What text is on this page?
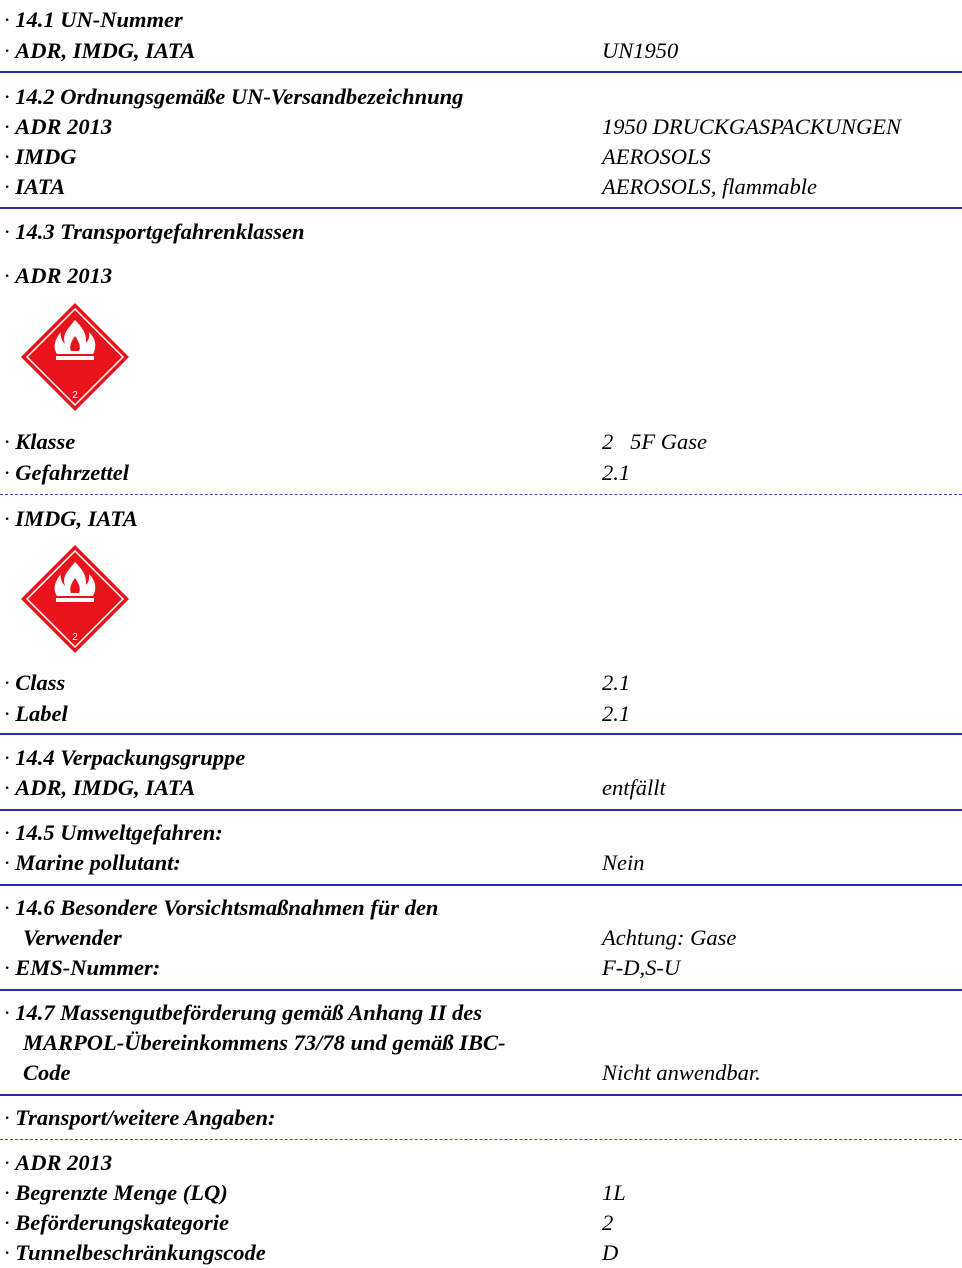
· 14.1 UN-Nummer
· ADR, IMDG, IATA	UN1950
· 14.2 Ordnungsgemäße UN-Versandbezeichnung
· ADR 2013	1950 DRUCKGASPACKUNGEN
· IMDG	AEROSOLS
· IATA	AEROSOLS, flammable
· 14.3 Transportgefahrenklassen
· ADR 2013
2
· Klasse	2   5F Gase
· Gefahrzettel	2.1
· IMDG, IATA
2
· Class	2.1
· Label	2.1
· 14.4 Verpackungsgruppe
· ADR, IMDG, IATA	entfällt
· 14.5 Umweltgefahren:
· Marine pollutant:	Nein
· 14.6 Besondere Vorsichtsmaßnahmen für den
Verwender	Achtung: Gase
· EMS-Nummer:	F-D,S-U
· 14.7 Massengutbeförderung gemäß Anhang II des
MARPOL-Übereinkommens 73/78 und gemäß IBC-
Code	Nicht anwendbar.
· Transport/weitere Angaben:
· ADR 2013
· Begrenzte Menge (LQ)	1L
· Beförderungskategorie	2
· Tunnelbeschränkungscode	D
